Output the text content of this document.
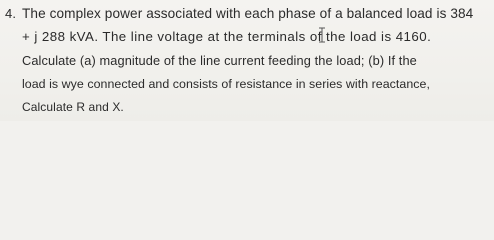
4. The complex power associated with each phase of a balanced load is 384
+ j 288 kVA. The line voltage at the terminals of the load is 4160.
Calculate (a) magnitude of the line current feeding the load; (b) If the
load is wye connected and consists of resistance in series with reactance,
Calculate R and X.
